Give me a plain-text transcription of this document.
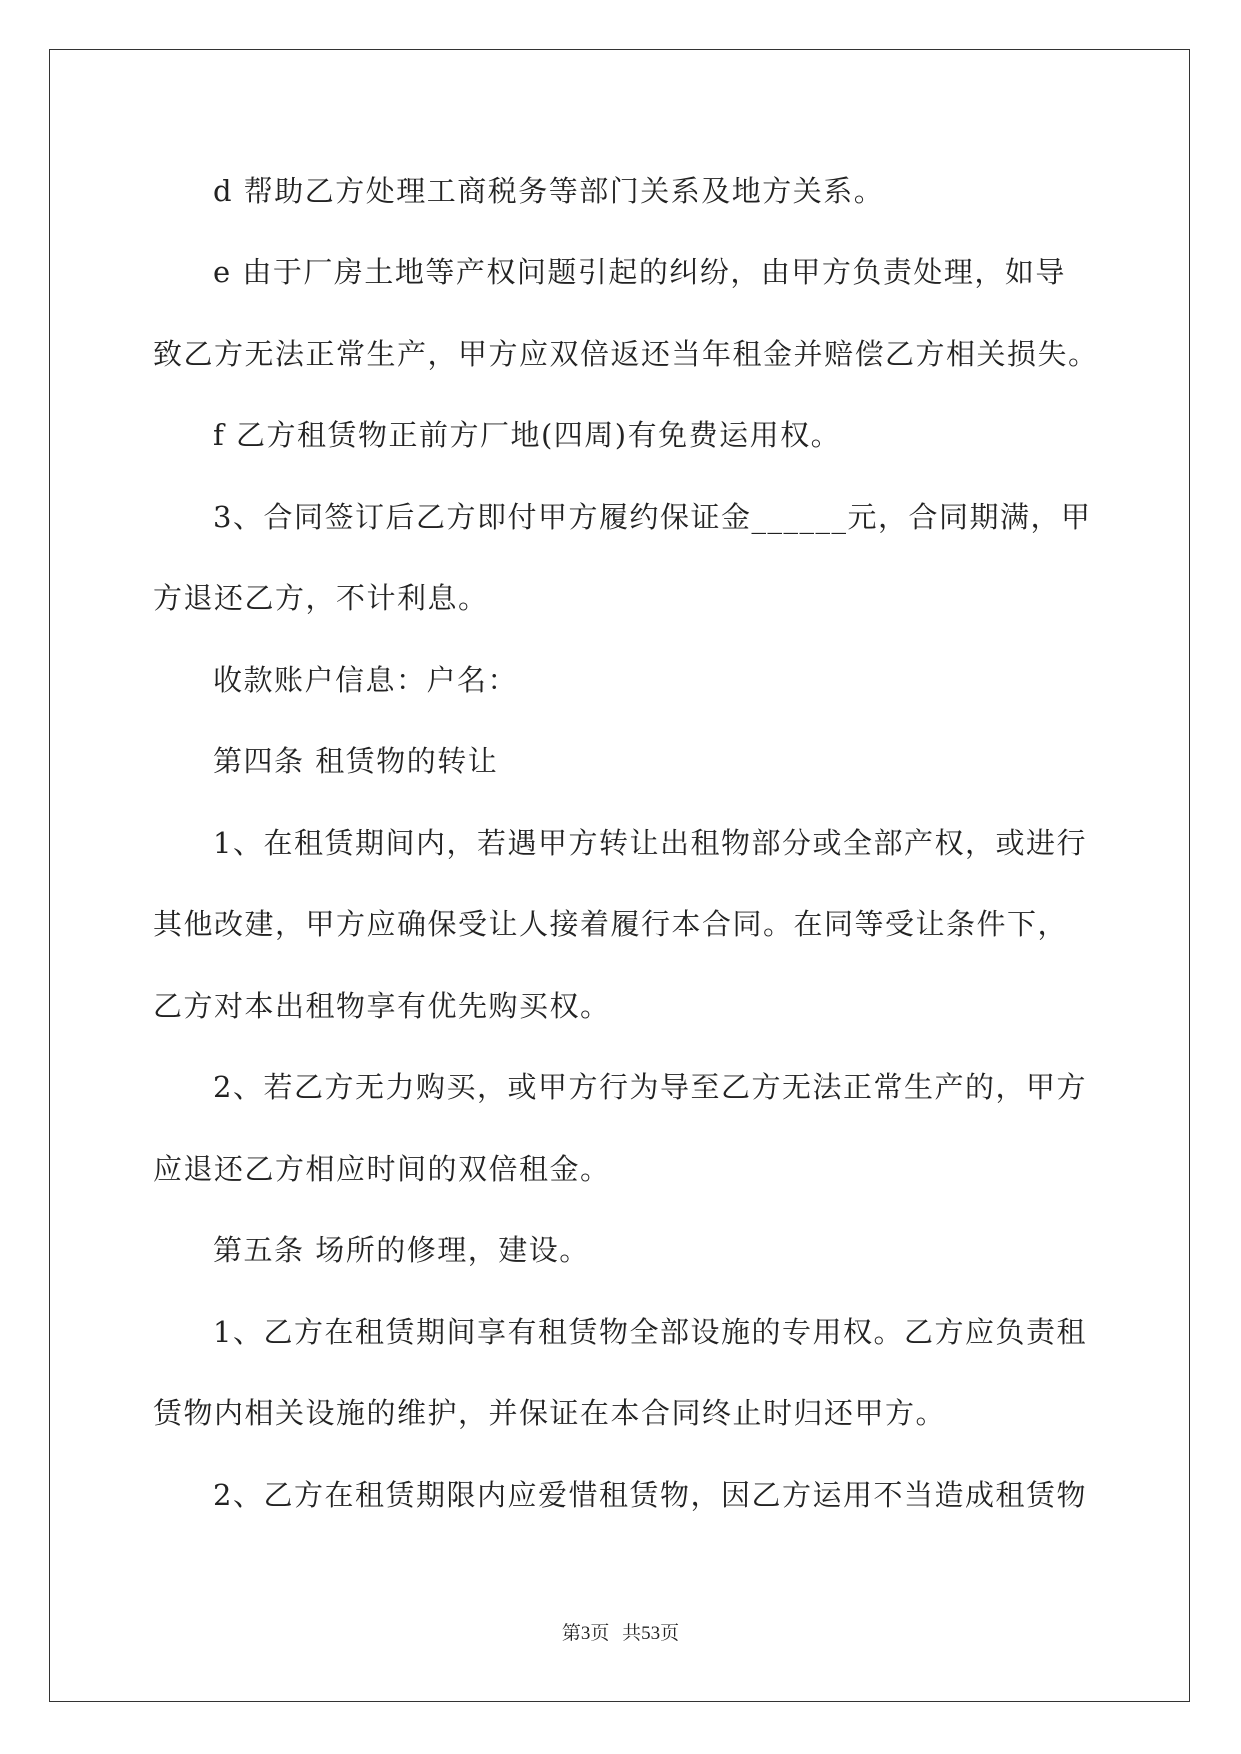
d 帮助乙方处理工商税务等部门关系及地方关系。
e 由于厂房土地等产权问题引起的纠纷，由甲方负责处理，如导
致乙方无法正常生产，甲方应双倍返还当年租金并赔偿乙方相关损失。
f 乙方租赁物正前方厂地(四周)有免费运用权。
3、合同签订后乙方即付甲方履约保证金______元，合同期满，甲
方退还乙方，不计利息。
收款账户信息：户名：
第四条 租赁物的转让
1、在租赁期间内，若遇甲方转让出租物部分或全部产权，或进行
其他改建，甲方应确保受让人接着履行本合同。在同等受让条件下，
乙方对本出租物享有优先购买权。
2、若乙方无力购买，或甲方行为导至乙方无法正常生产的，甲方
应退还乙方相应时间的双倍租金。
第五条 场所的修理，建设。
1、乙方在租赁期间享有租赁物全部设施的专用权。乙方应负责租
赁物内相关设施的维护，并保证在本合同终止时归还甲方。
2、乙方在租赁期限内应爱惜租赁物，因乙方运用不当造成租赁物
第3页 共53页
